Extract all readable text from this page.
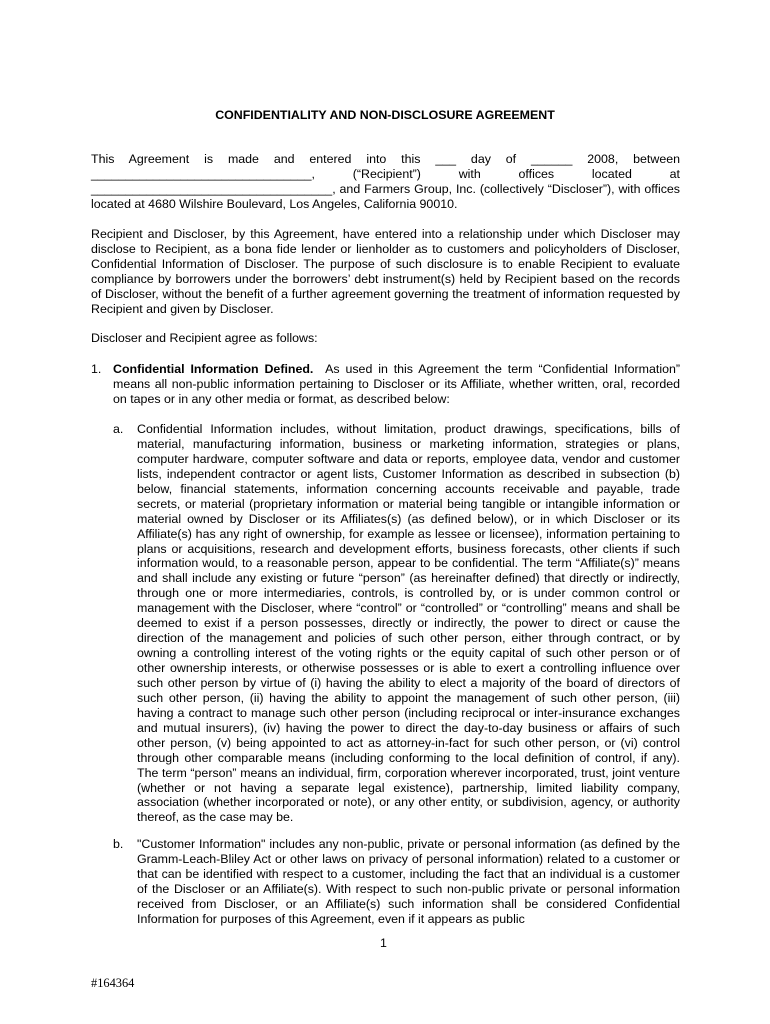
CONFIDENTIALITY AND NON-DISCLOSURE AGREEMENT

This Agreement is made and entered into this ___ day of ______ 2008, between ________________________________, (“Recipient”) with offices located at ___________________________________, and Farmers Group, Inc. (collectively “Discloser”), with offices located at 4680 Wilshire Boulevard, Los Angeles, California 90010.

Recipient and Discloser, by this Agreement, have entered into a relationship under which Discloser may disclose to Recipient, as a bona fide lender or lienholder as to customers and policyholders of Discloser, Confidential Information of Discloser. The purpose of such disclosure is to enable Recipient to evaluate compliance by borrowers under the borrowers’ debt instrument(s) held by Recipient based on the records of Discloser, without the benefit of a further agreement governing the treatment of information requested by Recipient and given by Discloser.

Discloser and Recipient agree as follows:

1. Confidential Information Defined. As used in this Agreement the term “Confidential Information” means all non-public information pertaining to Discloser or its Affiliate, whether written, oral, recorded on tapes or in any other media or format, as described below:

a. Confidential Information includes, without limitation, product drawings, specifications, bills of material, manufacturing information, business or marketing information, strategies or plans, computer hardware, computer software and data or reports, employee data, vendor and customer lists, independent contractor or agent lists, Customer Information as described in subsection (b) below, financial statements, information concerning accounts receivable and payable, trade secrets, or material (proprietary information or material being tangible or intangible information or material owned by Discloser or its Affiliates(s) (as defined below), or in which Discloser or its Affiliate(s) has any right of ownership, for example as lessee or licensee), information pertaining to plans or acquisitions, research and development efforts, business forecasts, other clients if such information would, to a reasonable person, appear to be confidential. The term “Affiliate(s)” means and shall include any existing or future “person” (as hereinafter defined) that directly or indirectly, through one or more intermediaries, controls, is controlled by, or is under common control or management with the Discloser, where “control” or “controlled” or “controlling” means and shall be deemed to exist if a person possesses, directly or indirectly, the power to direct or cause the direction of the management and policies of such other person, either through contract, or by owning a controlling interest of the voting rights or the equity capital of such other person or of other ownership interests, or otherwise possesses or is able to exert a controlling influence over such other person by virtue of (i) having the ability to elect a majority of the board of directors of such other person, (ii) having the ability to appoint the management of such other person, (iii) having a contract to manage such other person (including reciprocal or inter-insurance exchanges and mutual insurers), (iv) having the power to direct the day-to-day business or affairs of such other person, (v) being appointed to act as attorney-in-fact for such other person, or (vi) control through other comparable means (including conforming to the local definition of control, if any). The term “person” means an individual, firm, corporation wherever incorporated, trust, joint venture (whether or not having a separate legal existence), partnership, limited liability company, association (whether incorporated or note), or any other entity, or subdivision, agency, or authority thereof, as the case may be.

b. "Customer Information" includes any non-public, private or personal information (as defined by the Gramm-Leach-Bliley Act or other laws on privacy of personal information) related to a customer or that can be identified with respect to a customer, including the fact that an individual is a customer of the Discloser or an Affiliate(s). With respect to such non-public private or personal information received from Discloser, or an Affiliate(s) such information shall be considered Confidential Information for purposes of this Agreement, even if it appears as public

1
#164364
